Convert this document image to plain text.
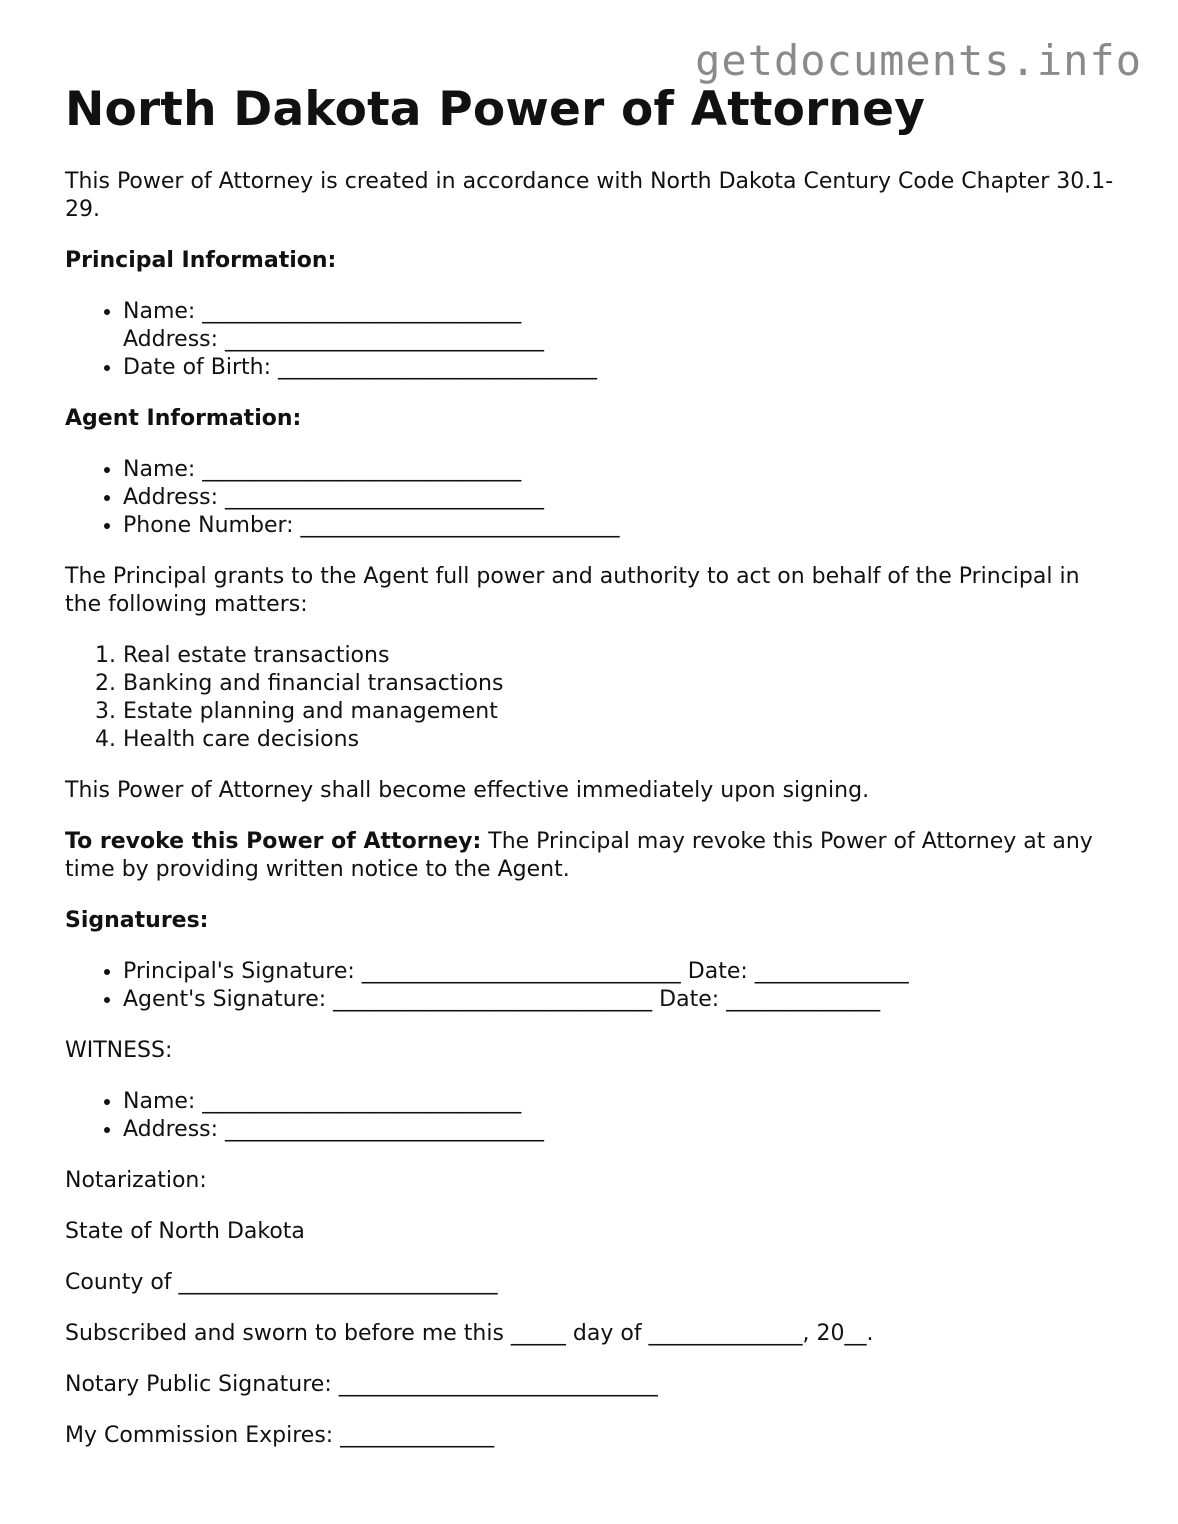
getdocuments.info
North Dakota Power of Attorney

This Power of Attorney is created in accordance with North Dakota Century Code Chapter 30.1-29.

Principal Information:

• Name: _____________________________
Address: _____________________________
• Date of Birth: _____________________________

Agent Information:

• Name: _____________________________
• Address: _____________________________
• Phone Number: _____________________________

The Principal grants to the Agent full power and authority to act on behalf of the Principal in the following matters:

1. Real estate transactions
2. Banking and financial transactions
3. Estate planning and management
4. Health care decisions

This Power of Attorney shall become effective immediately upon signing.

To revoke this Power of Attorney: The Principal may revoke this Power of Attorney at any time by providing written notice to the Agent.

Signatures:

• Principal's Signature: _____________________________ Date: ______________
• Agent's Signature: _____________________________ Date: ______________

WITNESS:

• Name: _____________________________
• Address: _____________________________

Notarization:

State of North Dakota

County of _____________________________

Subscribed and sworn to before me this _____ day of ______________, 20__.

Notary Public Signature: _____________________________

My Commission Expires: ______________
